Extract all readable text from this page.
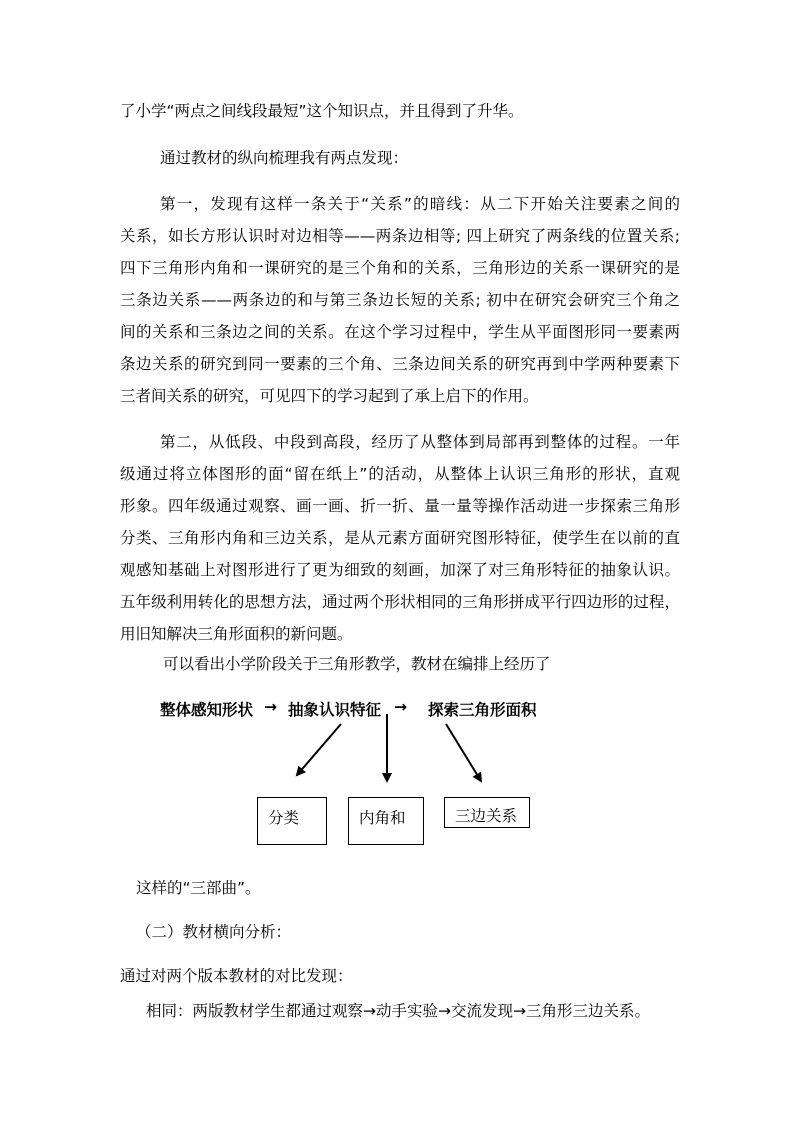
了小学“两点之间线段最短”这个知识点，并且得到了升华。
通过教材的纵向梳理我有两点发现：
第一，发现有这样一条关于“关系”的暗线：从二下开始关注要素之间的
关系，如长方形认识时对边相等——两条边相等; 四上研究了两条线的位置关系;
四下三角形内角和一课研究的是三个角和的关系，三角形边的关系一课研究的是
三条边关系——两条边的和与第三条边长短的关系; 初中在研究会研究三个角之
间的关系和三条边之间的关系。在这个学习过程中，学生从平面图形同一要素两
条边关系的研究到同一要素的三个角、三条边间关系的研究再到中学两种要素下
三者间关系的研究，可见四下的学习起到了承上启下的作用。
第二，从低段、中段到高段，经历了从整体到局部再到整体的过程。一年
级通过将立体图形的面“留在纸上”的活动，从整体上认识三角形的形状，直观
形象。四年级通过观察、画一画、折一折、量一量等操作活动进一步探索三角形
分类、三角形内角和三边关系，是从元素方面研究图形特征，使学生在以前的直
观感知基础上对图形进行了更为细致的刻画，加深了对三角形特征的抽象认识。
五年级利用转化的思想方法，通过两个形状相同的三角形拼成平行四边形的过程，
用旧知解决三角形面积的新问题。
可以看出小学阶段关于三角形教学，教材在编排上经历了
整体感知形状 → 抽象认识特征 → 探索三角形面积
分类	内角和	三边关系
这样的“三部曲”。
（二）教材横向分析：
通过对两个版本教材的对比发现：
相同：两版教材学生都通过观察→动手实验→交流发现→三角形三边关系。
